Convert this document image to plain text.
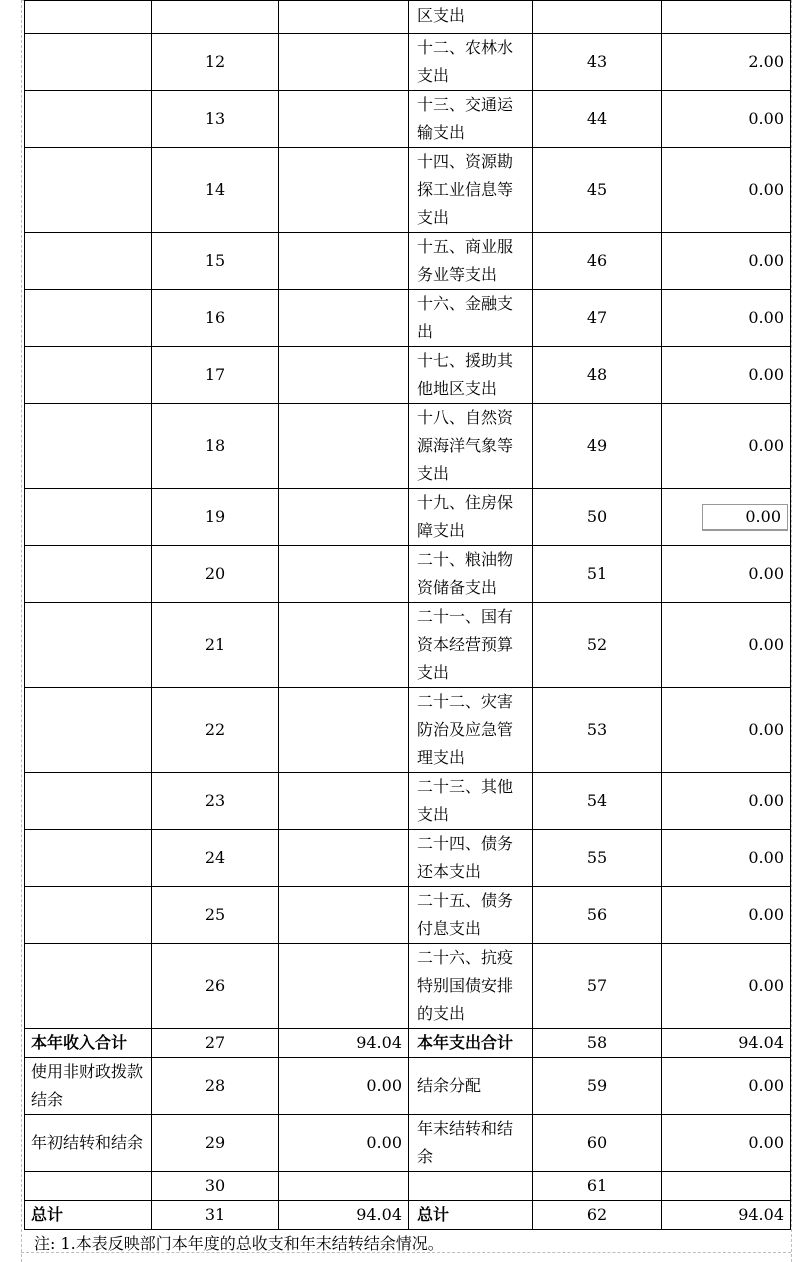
			区支出		
	12		十二、农林水支出	43	2.00
	13		十三、交通运输支出	44	0.00
	14		十四、资源勘探工业信息等支出	45	0.00
	15		十五、商业服务业等支出	46	0.00
	16		十六、金融支出	47	0.00
	17		十七、援助其他地区支出	48	0.00
	18		十八、自然资源海洋气象等支出	49	0.00
	19		十九、住房保障支出	50	0.00
	20		二十、粮油物资储备支出	51	0.00
	21		二十一、国有资本经营预算支出	52	0.00
	22		二十二、灾害防治及应急管理支出	53	0.00
	23		二十三、其他支出	54	0.00
	24		二十四、债务还本支出	55	0.00
	25		二十五、债务付息支出	56	0.00
	26		二十六、抗疫特别国债安排的支出	57	0.00
本年收入合计	27	94.04	本年支出合计	58	94.04
使用非财政拨款结余	28	0.00	结余分配	59	0.00
年初结转和结余	29	0.00	年末结转和结余	60	0.00
	30			61	
总计	31	94.04	总计	62	94.04
注: 1.本表反映部门本年度的总收支和年末结转结余情况。
